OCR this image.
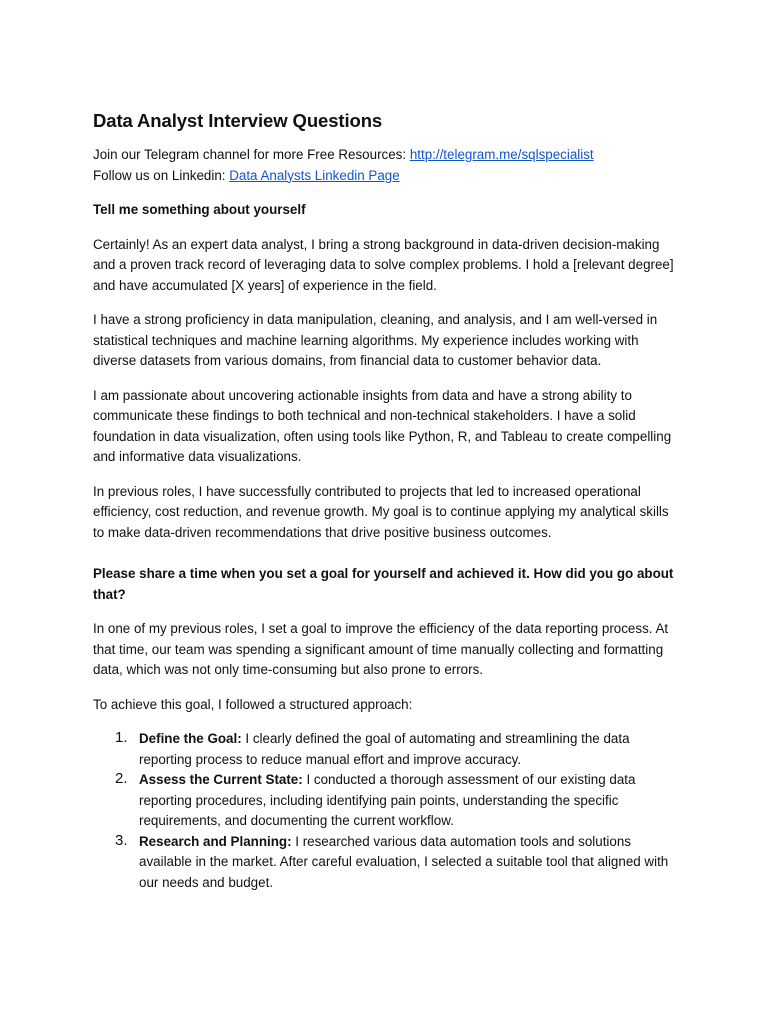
Data Analyst Interview Questions

Join our Telegram channel for more Free Resources: http://telegram.me/sqlspecialist

Follow us on Linkedin: Data Analysts Linkedin Page

Tell me something about yourself

Certainly! As an expert data analyst, I bring a strong background in data-driven decision-making and a proven track record of leveraging data to solve complex problems. I hold a [relevant degree] and have accumulated [X years] of experience in the field.

I have a strong proficiency in data manipulation, cleaning, and analysis, and I am well-versed in statistical techniques and machine learning algorithms. My experience includes working with diverse datasets from various domains, from financial data to customer behavior data.

I am passionate about uncovering actionable insights from data and have a strong ability to communicate these findings to both technical and non-technical stakeholders. I have a solid foundation in data visualization, often using tools like Python, R, and Tableau to create compelling and informative data visualizations.

In previous roles, I have successfully contributed to projects that led to increased operational efficiency, cost reduction, and revenue growth. My goal is to continue applying my analytical skills to make data-driven recommendations that drive positive business outcomes.

Please share a time when you set a goal for yourself and achieved it. How did you go about that?

In one of my previous roles, I set a goal to improve the efficiency of the data reporting process. At that time, our team was spending a significant amount of time manually collecting and formatting data, which was not only time-consuming but also prone to errors.

To achieve this goal, I followed a structured approach:

1. Define the Goal: I clearly defined the goal of automating and streamlining the data reporting process to reduce manual effort and improve accuracy.
2. Assess the Current State: I conducted a thorough assessment of our existing data reporting procedures, including identifying pain points, understanding the specific requirements, and documenting the current workflow.
3. Research and Planning: I researched various data automation tools and solutions available in the market. After careful evaluation, I selected a suitable tool that aligned with our needs and budget.
